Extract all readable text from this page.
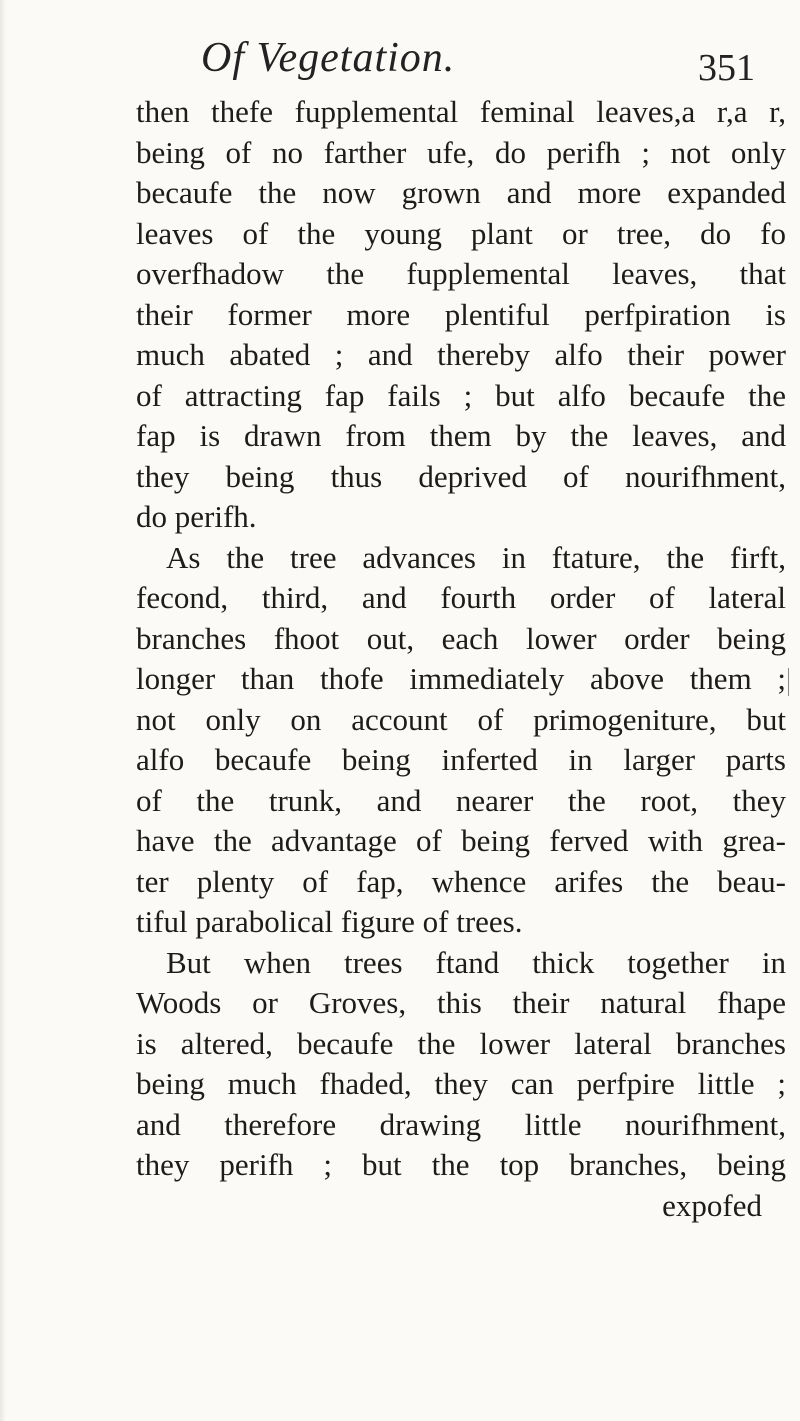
Of Vegetation.	351
then thefe fupplemental feminal leaves,a r,a r,
being of no farther ufe, do perifh ; not only
becaufe the now grown and more expanded
leaves of the young plant or tree, do fo
overfhadow the fupplemental leaves, that
their former more plentiful perfpiration is
much abated ; and thereby alfo their power
of attracting fap fails ; but alfo becaufe the
fap is drawn from them by the leaves, and
they being thus deprived of nourifhment,
do perifh.
As the tree advances in ftature, the firft,
fecond, third, and fourth order of lateral
branches fhoot out, each lower order being
longer than thofe immediately above them ;
not only on account of primogeniture, but
alfo becaufe being inferted in larger parts
of the trunk, and nearer the root, they
have the advantage of being ferved with grea-
ter plenty of fap, whence arifes the beau-
tiful parabolical figure of trees.
But when trees ftand thick together in
Woods or Groves, this their natural fhape
is altered, becaufe the lower lateral branches
being much fhaded, they can perfpire little ;
and therefore drawing little nourifhment,
they perifh ; but the top branches, being
expofed
